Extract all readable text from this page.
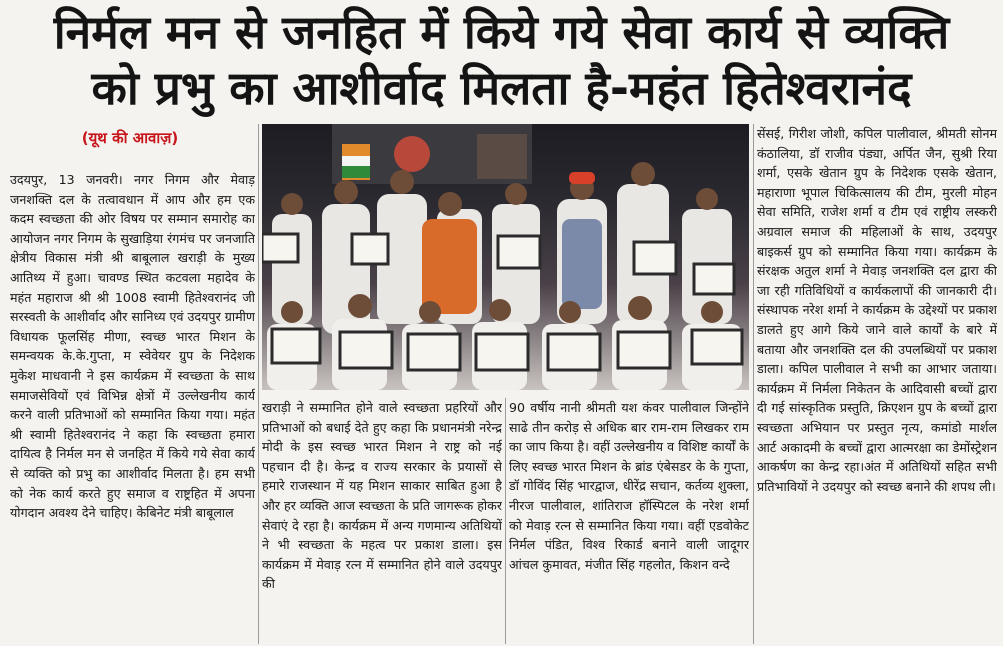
निर्मल मन से जनहित में किये गये सेवा कार्य से व्यक्ति
को प्रभु का आशीर्वाद मिलता है-महंत हितेश्वरानंद
(यूथ की आवाज़)

उदयपुर, 13 जनवरी। नगर निगम और मेवाड़ जनशक्ति दल के तत्वावधान में आप और हम एक कदम स्वच्छता की ओर विषय पर सम्मान समारोह का आयोजन नगर निगम के सुखाड़िया रंगमंच पर जनजाति क्षेत्रीय विकास मंत्री श्री बाबूलाल खराड़ी के मुख्य आतिथ्य में हुआ। चावण्ड स्थित कटवला महादेव के महंत महाराज श्री श्री 1008 स्वामी हितेश्वरानंद जी सरस्वती के आशीर्वाद और सानिध्य एवं उदयपुर ग्रामीण विधायक फूलसिंह मीणा, स्वच्छ भारत मिशन के समन्वयक के.के.गुप्ता, म स्वेवेयर ग्रुप के निदेशक मुकेश माधवानी ने इस कार्यक्रम में स्वच्छता के साथ समाजसेवियों एवं विभिन्न क्षेत्रों में उल्लेखनीय कार्य करने वाली प्रतिभाओं को सम्मानित किया गया। महंत श्री स्वामी हितेश्वरानंद ने कहा कि स्वच्छता हमारा दायित्व है निर्मल मन से जनहित में किये गये सेवा कार्य से व्यक्ति को प्रभु का आशीर्वाद मिलता है। हम सभी को नेक कार्य करते हुए समाज व राष्ट्रहित में अपना योगदान अवश्य देने चाहिए। केबिनेट मंत्री बाबूलाल

खराड़ी ने सम्मानित होने वाले स्वच्छता प्रहरियों और प्रतिभाओं को बधाई देते हुए कहा कि प्रधानमंत्री नरेन्द्र मोदी के इस स्वच्छ भारत मिशन ने राष्ट्र को नई पहचान दी है। केन्द्र व राज्य सरकार के प्रयासों से हमारे राजस्थान में यह मिशन साकार साबित हुआ है और हर व्यक्ति आज स्वच्छता के प्रति जागरूक होकर सेवाएं दे रहा है। कार्यक्रम में अन्य गणमान्य अतिथियों ने भी स्वच्छता के महत्व पर प्रकाश डाला। इस कार्यक्रम में मेवाड़ रत्न में सम्मानित होने वाले उदयपुर की

90 वर्षीय नानी श्रीमती यश कंवर पालीवाल जिन्होंने साढे तीन करोड़ से अधिक बार राम-राम लिखकर राम का जाप किया है। वहीं उल्लेखनीय व विशिष्ट कार्यों के लिए स्वच्छ भारत मिशन के ब्रांड एंबेसडर के के गुप्ता, डॉ गोविंद सिंह भारद्वाज, धीरेंद्र सचान, कर्तव्य शुक्ला, नीरज पालीवाल, शांतिराज हॉस्पिटल के नरेश शर्मा को मेवाड़ रत्न से सम्मानित किया गया। वहीं एडवोकेट निर्मल पंडित, विश्व रिकार्ड बनाने वाली जादूगर आंचल कुमावत, मंजीत सिंह गहलोत, किशन वन्दे

सेंसई, गिरीश जोशी, कपिल पालीवाल, श्रीमती सोनम कंठालिया, डॉ राजीव पंड्या, अर्पित जैन, सुश्री रिया शर्मा, एसके खेतान ग्रुप के निदेशक एसके खेतान, महाराणा भूपाल चिकित्सालय की टीम, मुरली मोहन सेवा समिति, राजेश शर्मा व टीम एवं राष्ट्रीय लस्करी अग्रवाल समाज की महिलाओं के साथ, उदयपुर बाइकर्स ग्रुप को सम्मानित किया गया। कार्यक्रम के संरक्षक अतुल शर्मा ने मेवाड़ जनशक्ति दल द्वारा की जा रही गतिविधियों व कार्यकलापों की जानकारी दी। संस्थापक नरेश शर्मा ने कार्यक्रम के उद्देश्यों पर प्रकाश डालते हुए आगे किये जाने वाले कार्यों के बारे में बताया और जनशक्ति दल की उपलब्धियों पर प्रकाश डाला। कपिल पालीवाल ने सभी का आभार जताया। कार्यक्रम में निर्मला निकेतन के आदिवासी बच्चों द्वारा दी गई सांस्कृतिक प्रस्तुति, क्रिएशन ग्रुप के बच्चों द्वारा स्वच्छता अभियान पर प्रस्तुत नृत्य, कमांडो मार्शल आर्ट अकादमी के बच्चों द्वारा आत्मरक्षा का डेमोंस्ट्रेशन आकर्षण का केन्द्र रहा।अंत में अतिथियों सहित सभी प्रतिभावियों ने उदयपुर को स्वच्छ बनाने की शपथ ली।
